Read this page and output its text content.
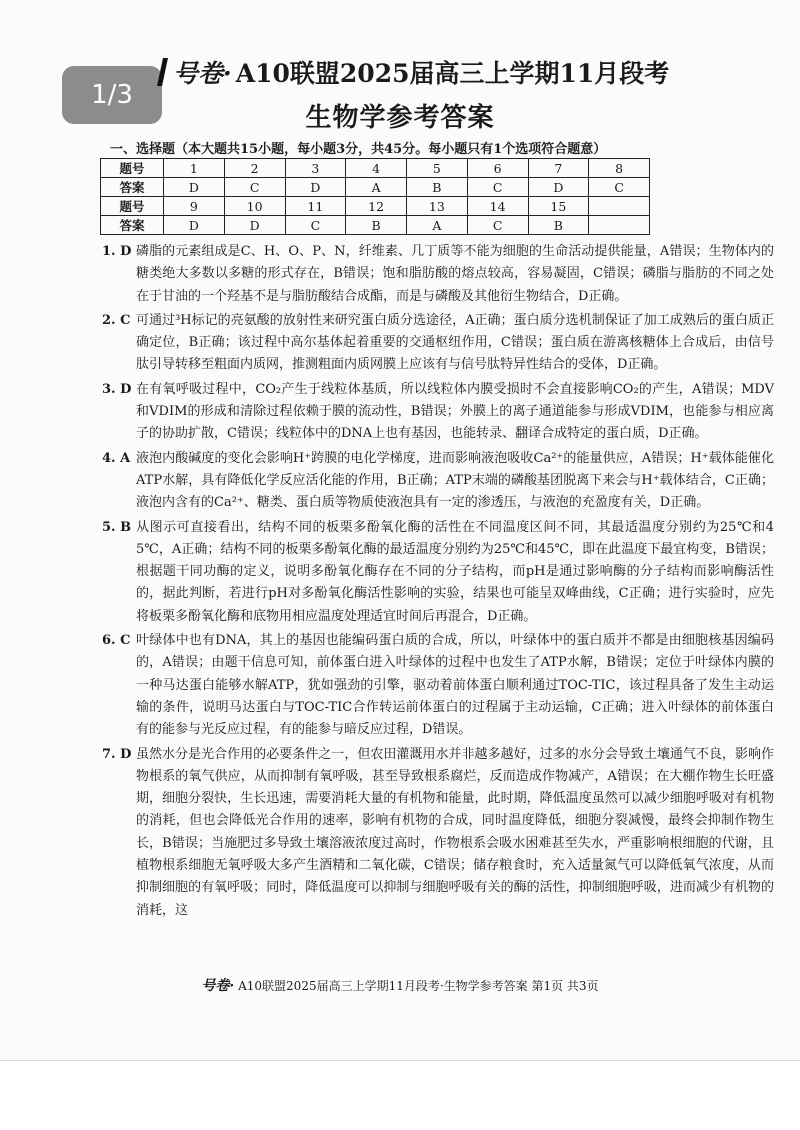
1/3
号卷· A10联盟2025届高三上学期11月段考
生物学参考答案
一、选择题（本大题共15小题，每小题3分，共45分。每小题只有1个选项符合题意）
题号	1	2	3	4	5	6	7	8
答案	D	C	D	A	B	C	D	C
题号	9	10	11	12	13	14	15	
答案	D	D	C	B	A	C	B	
1. D 磷脂的元素组成是C、H、O、P、N，纤维素、几丁质等不能为细胞的生命活动提供能量，A错误；生物体内的糖类绝大多数以多糖的形式存在，B错误；饱和脂肪酸的熔点较高，容易凝固，C错误；磷脂与脂肪的不同之处在于甘油的一个羟基不是与脂肪酸结合成酯，而是与磷酸及其他衍生物结合，D正确。
2. C 可通过³H标记的亮氨酸的放射性来研究蛋白质分选途径，A正确；蛋白质分选机制保证了加工成熟后的蛋白质正确定位，B正确；该过程中高尔基体起着重要的交通枢纽作用，C错误；蛋白质在游离核糖体上合成后，由信号肽引导转移至粗面内质网，推测粗面内质网膜上应该有与信号肽特异性结合的受体，D正确。
3. D 在有氧呼吸过程中，CO₂产生于线粒体基质，所以线粒体内膜受损时不会直接影响CO₂的产生，A错误；MDV和VDIM的形成和清除过程依赖于膜的流动性，B错误；外膜上的离子通道能参与形成VDIM，也能参与相应离子的协助扩散，C错误；线粒体中的DNA上也有基因，也能转录、翻译合成特定的蛋白质，D正确。
4. A 液泡内酸碱度的变化会影响H⁺跨膜的电化学梯度，进而影响液泡吸收Ca²⁺的能量供应，A错误；H⁺载体能催化ATP水解，具有降低化学反应活化能的作用，B正确；ATP末端的磷酸基团脱离下来会与H⁺载体结合，C正确；液泡内含有的Ca²⁺、糖类、蛋白质等物质使液泡具有一定的渗透压，与液泡的充盈度有关，D正确。
5. B 从图示可直接看出，结构不同的板栗多酚氧化酶的活性在不同温度区间不同，其最适温度分别约为25℃和45℃，A正确；结构不同的板栗多酚氧化酶的最适温度分别约为25℃和45℃，即在此温度下最宜构变，B错误；根据题干同功酶的定义，说明多酚氧化酶存在不同的分子结构，而pH是通过影响酶的分子结构而影响酶活性的，据此判断，若进行pH对多酚氧化酶活性影响的实验，结果也可能呈双峰曲线，C正确；进行实验时，应先将板栗多酚氧化酶和底物用相应温度处理适宜时间后再混合，D正确。
6. C 叶绿体中也有DNA，其上的基因也能编码蛋白质的合成，所以，叶绿体中的蛋白质并不都是由细胞核基因编码的，A错误；由题干信息可知，前体蛋白进入叶绿体的过程中也发生了ATP水解，B错误；定位于叶绿体内膜的一种马达蛋白能够水解ATP，犹如强劲的引擎，驱动着前体蛋白顺利通过TOC-TIC，该过程具备了发生主动运输的条件，说明马达蛋白与TOC-TIC合作转运前体蛋白的过程属于主动运输，C正确；进入叶绿体的前体蛋白有的能参与光反应过程，有的能参与暗反应过程，D错误。
7. D 虽然水分是光合作用的必要条件之一，但农田灌溉用水并非越多越好，过多的水分会导致土壤通气不良，影响作物根系的氧气供应，从而抑制有氧呼吸，甚至导致根系腐烂，反而造成作物减产，A错误；在大棚作物生长旺盛期，细胞分裂快，生长迅速，需要消耗大量的有机物和能量，此时期，降低温度虽然可以减少细胞呼吸对有机物的消耗，但也会降低光合作用的速率，影响有机物的合成，同时温度降低，细胞分裂减慢，最终会抑制作物生长，B错误；当施肥过多导致土壤溶液浓度过高时，作物根系会吸水困难甚至失水，严重影响根细胞的代谢，且植物根系细胞无氧呼吸大多产生酒精和二氧化碳，C错误；储存粮食时，充入适量氮气可以降低氧气浓度，从而抑制细胞的有氧呼吸；同时，降低温度可以抑制与细胞呼吸有关的酶的活性，抑制细胞呼吸，进而减少有机物的消耗，这
号卷· A10联盟2025届高三上学期11月段考·生物学参考答案 第1页 共3页
